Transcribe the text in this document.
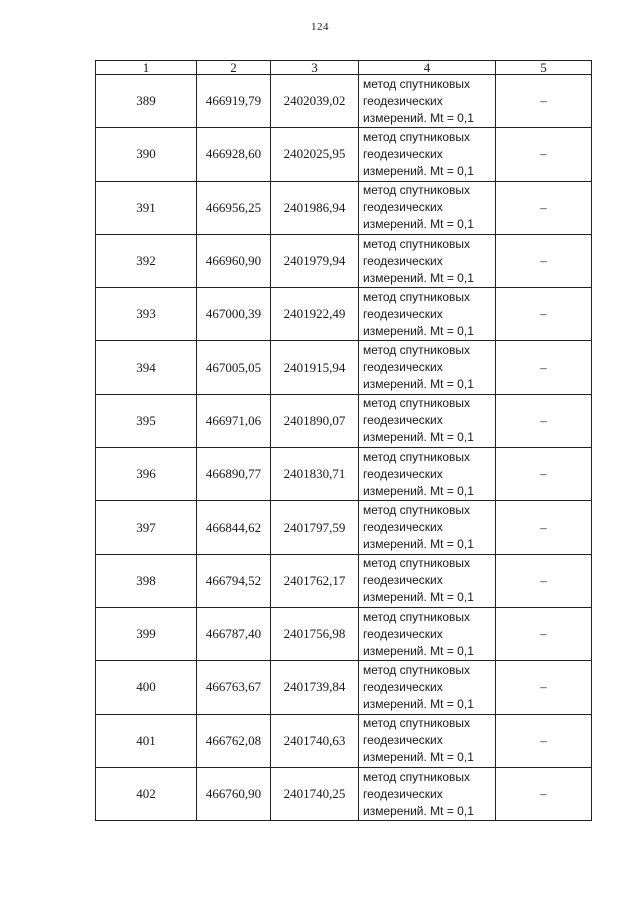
124
1	2	3	4	5
389	466919,79	2402039,02	метод спутниковых
геодезических
измерений. Mt = 0,1	–
390	466928,60	2402025,95	метод спутниковых
геодезических
измерений. Mt = 0,1	–
391	466956,25	2401986,94	метод спутниковых
геодезических
измерений. Mt = 0,1	–
392	466960,90	2401979,94	метод спутниковых
геодезических
измерений. Mt = 0,1	–
393	467000,39	2401922,49	метод спутниковых
геодезических
измерений. Mt = 0,1	–
394	467005,05	2401915,94	метод спутниковых
геодезических
измерений. Mt = 0,1	–
395	466971,06	2401890,07	метод спутниковых
геодезических
измерений. Mt = 0,1	–
396	466890,77	2401830,71	метод спутниковых
геодезических
измерений. Mt = 0,1	–
397	466844,62	2401797,59	метод спутниковых
геодезических
измерений. Mt = 0,1	–
398	466794,52	2401762,17	метод спутниковых
геодезических
измерений. Mt = 0,1	–
399	466787,40	2401756,98	метод спутниковых
геодезических
измерений. Mt = 0,1	–
400	466763,67	2401739,84	метод спутниковых
геодезических
измерений. Mt = 0,1	–
401	466762,08	2401740,63	метод спутниковых
геодезических
измерений. Mt = 0,1	–
402	466760,90	2401740,25	метод спутниковых
геодезических
измерений. Mt = 0,1	–
